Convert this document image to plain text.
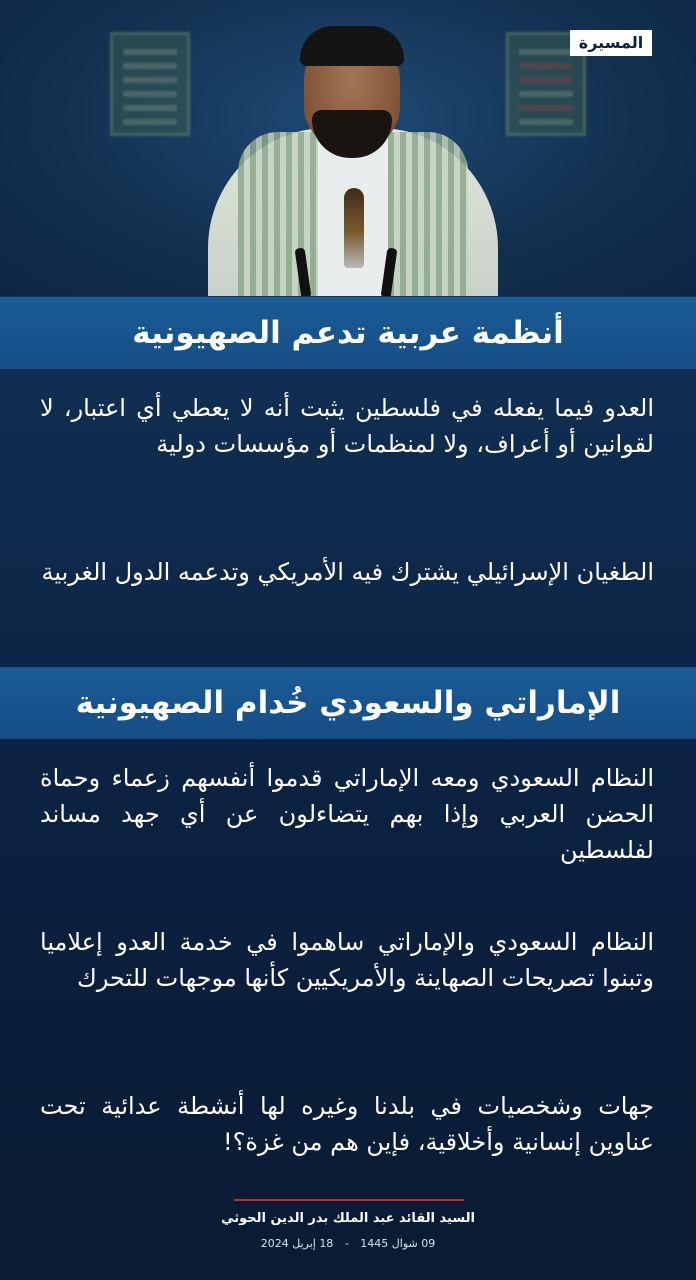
المسيرة
أنظمة عربية تدعم الصهيونية

العدو فيما يفعله في فلسطين يثبت أنه لا يعطي أي اعتبار، لا لقوانين أو أعراف، ولا لمنظمات أو مؤسسات دولية

الطغيان الإسرائيلي يشترك فيه الأمريكي وتدعمه الدول الغربية

الإماراتي والسعودي خُدام الصهيونية

النظام السعودي ومعه الإماراتي قدموا أنفسهم زعماء وحماة الحضن العربي وإذا بهم يتضاءلون عن أي جهد مساند لفلسطين

النظام السعودي والإماراتي ساهموا في خدمة العدو إعلاميا وتبنوا تصريحات الصهاينة والأمريكيين كأنها موجهات للتحرك

جهات وشخصيات في بلدنا وغيره لها أنشطة عدائية تحت عناوين إنسانية وأخلاقية، فإين هم من غزة؟!

السيد القائد عبد الملك بدر الدين الحوثي
09 شوال 1445 - 18 إبريل 2024
